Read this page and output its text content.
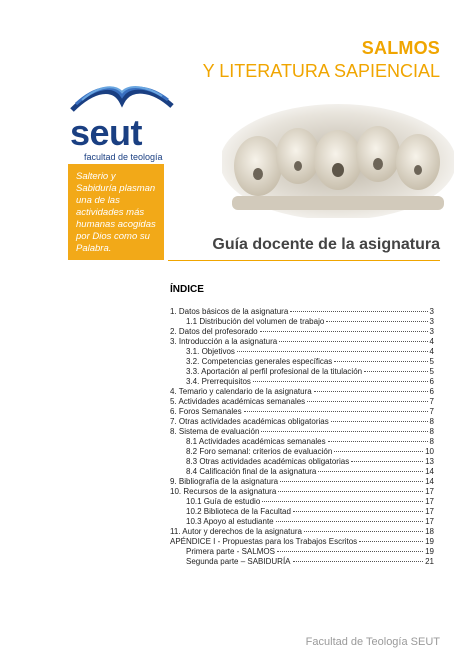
SALMOS
Y LITERATURA SAPIENCIAL
seut
facultad de teología
Salterio y Sabiduría plasman una de las actividades más humanas acogidas por Dios como su Palabra.	Guía docente de la asignatura
ÍNDICE
1. Datos básicos de la asignatura	3
1.1 Distribución del volumen de trabajo	3
2. Datos del profesorado	3
3. Introducción a la asignatura	4
3.1. Objetivos	4
3.2. Competencias generales específicas	5
3.3. Aportación al perfil profesional de la titulación	5
3.4. Prerrequisitos	6
4. Temario y calendario de la asignatura	6
5. Actividades académicas semanales	7
6. Foros Semanales	7
7. Otras actividades académicas obligatorias	8
8. Sistema de evaluación	8
8.1 Actividades académicas semanales	8
8.2 Foro semanal: criterios de evaluación	10
8.3 Otras actividades académicas obligatorias	13
8.4 Calificación final de la asignatura	14
9. Bibliografía de la asignatura	14
10. Recursos de la asignatura	17
10.1 Guía de estudio	17
10.2 Biblioteca de la Facultad	17
10.3 Apoyo al estudiante	17
11. Autor y derechos de la asignatura	18
APÉNDICE I - Propuestas para los Trabajos Escritos	19
Primera parte - SALMOS	19
Segunda parte – SABIDURÍA	21
Facultad de Teología SEUT
